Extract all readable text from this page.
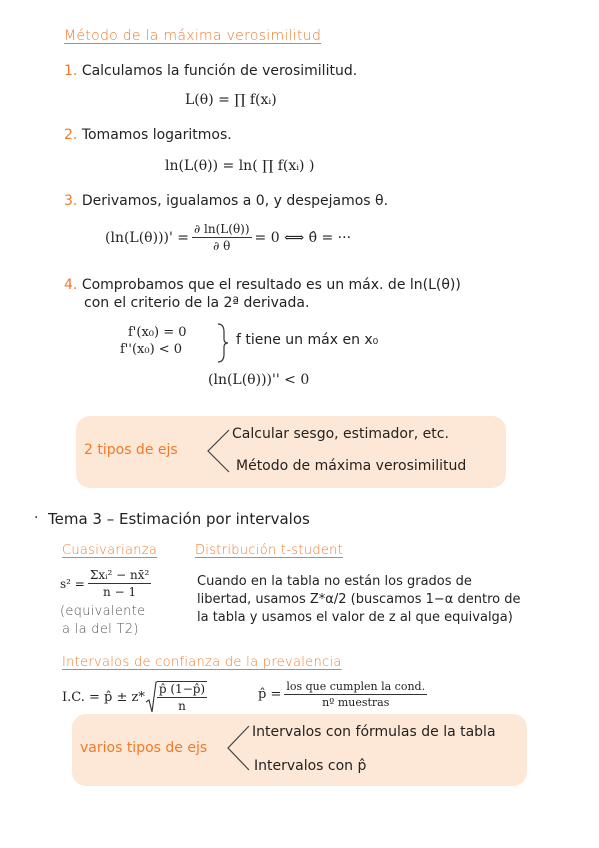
Método de la máxima verosimilitud
1. Calculamos la función de verosimilitud.
L(θ) = ∏ f(xᵢ)
2. Tomamos logaritmos.
ln(L(θ)) = ln( ∏ f(xᵢ) )
3. Derivamos, igualamos a 0, y despejamos θ.
$(\ln(L(\theta)))' = \frac{\partial \ln(L(\theta))}{\partial \theta} = 0$ ⟺ θ̂ = ···
4. Comprobamos que el resultado es un máx. de ln(L(θ))
con el criterio de la 2ª derivada.
f'(x₀) = 0
f''(x₀) < 0
f tiene un máx en x₀
(ln(L(θ)))'' < 0
2 tipos de ejs
Calcular sesgo, estimador, etc.
Método de máxima verosimilitud
· Tema 3 – Estimación por intervalos
Cuasivarianza	Distribución t-student
$s^2 = \frac{\text{Σxᵢ² − nx̄²}}{n - 1}$
(equivalente
a la del T2)
Cuando en la tabla no están los grados de
libertad, usamos Z*α/2 (buscamos 1−α dentro de
la tabla y usamos el valor de z al que equivalga)
Intervalos de confianza de la prevalencia
I.C. = p̂ ± $z* \frac{p̂ (1-p̂)}{n}$	p̂ = $\frac{\text{los que cumplen la cond.}}{\text{nº muestras}}$
varios tipos de ejs
Intervalos con fórmulas de la tabla
Intervalos con p̂
